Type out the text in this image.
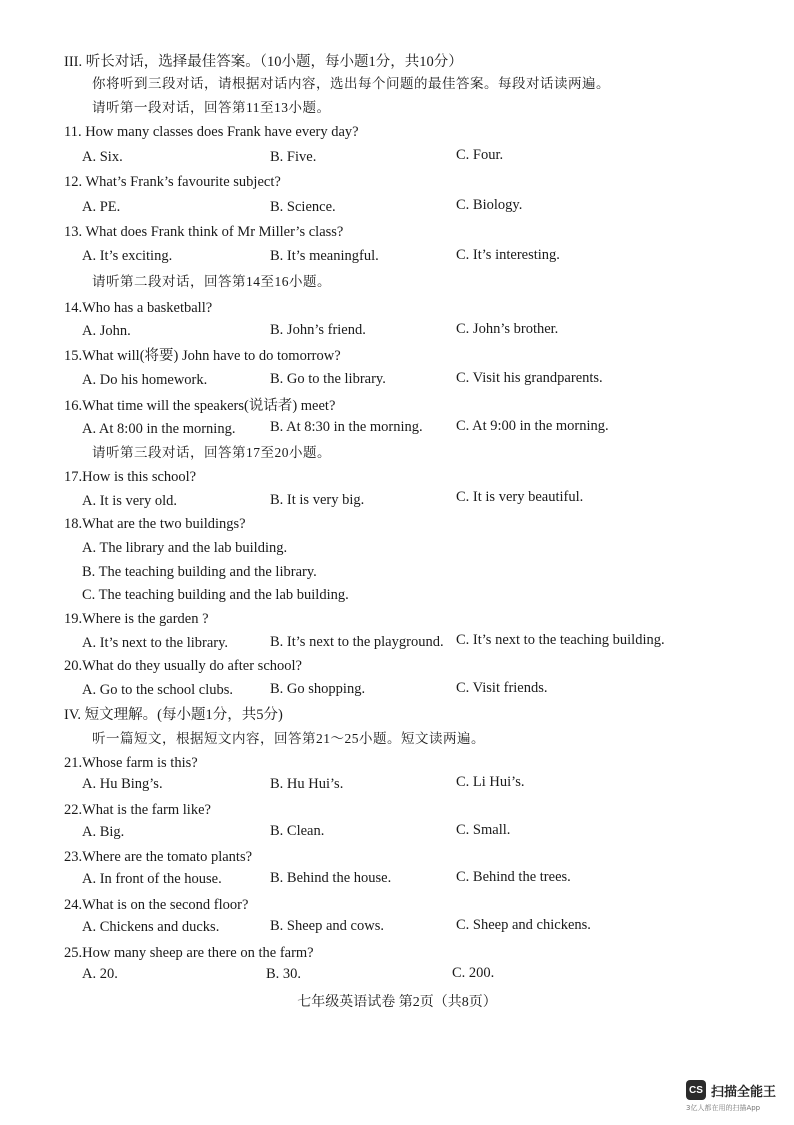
III. 听长对话，选择最佳答案。（10小题，每小题1分，共10分）
你将听到三段对话，请根据对话内容，选出每个问题的最佳答案。每段对话读两遍。
请听第一段对话，回答第11至13小题。
11. How many classes does Frank have every day?
A. Six.	B. Five.	C. Four.
12. What’s Frank’s favourite subject?
A. PE.	B. Science.	C. Biology.
13. What does Frank think of Mr Miller’s class?
A. It’s exciting.	B. It’s meaningful.	C. It’s interesting.
请听第二段对话，回答第14至16小题。
14.Who has a basketball?
A. John.	B. John’s friend.	C. John’s brother.
15.What will(将要) John have to do tomorrow?
A. Do his homework.	B. Go to the library.	C. Visit his grandparents.
16.What time will the speakers(说话者) meet?
A. At 8:00 in the morning. B. At 8:30 in the morning. C. At 9:00 in the morning.
请听第三段对话，回答第17至20小题。
17.How is this school?
A. It is very old.	B. It is very big.	C. It is very beautiful.
18.What are the two buildings?
A. The library and the lab building.
B. The teaching building and the library.
C. The teaching building and the lab building.
19.Where is the garden ?
A. It’s next to the library.	B. It’s next to the playground. C. It’s next to the teaching building.
20.What do they usually do after school?
A. Go to the school clubs.	B. Go shopping.	C. Visit friends.
IV. 短文理解。(每小题1分，共5分)
听一篇短文，根据短文内容，回答第21～25小题。短文读两遍。
21.Whose farm is this?
A. Hu Bing’s.	B. Hu Hui’s.	C. Li Hui’s.
22.What is the farm like?
A. Big.	B. Clean.	C. Small.
23.Where are the tomato plants?
A. In front of the house.	B. Behind the house.	C. Behind the trees.
24.What is on the second floor?
A. Chickens and ducks.	B. Sheep and cows.	C. Sheep and chickens.
25.How many sheep are there on the farm?
A. 20.	B. 30.	C. 200.
七年级英语试卷 第2页（共8页）
CS 扫描全能王
3亿人都在用的扫描App
